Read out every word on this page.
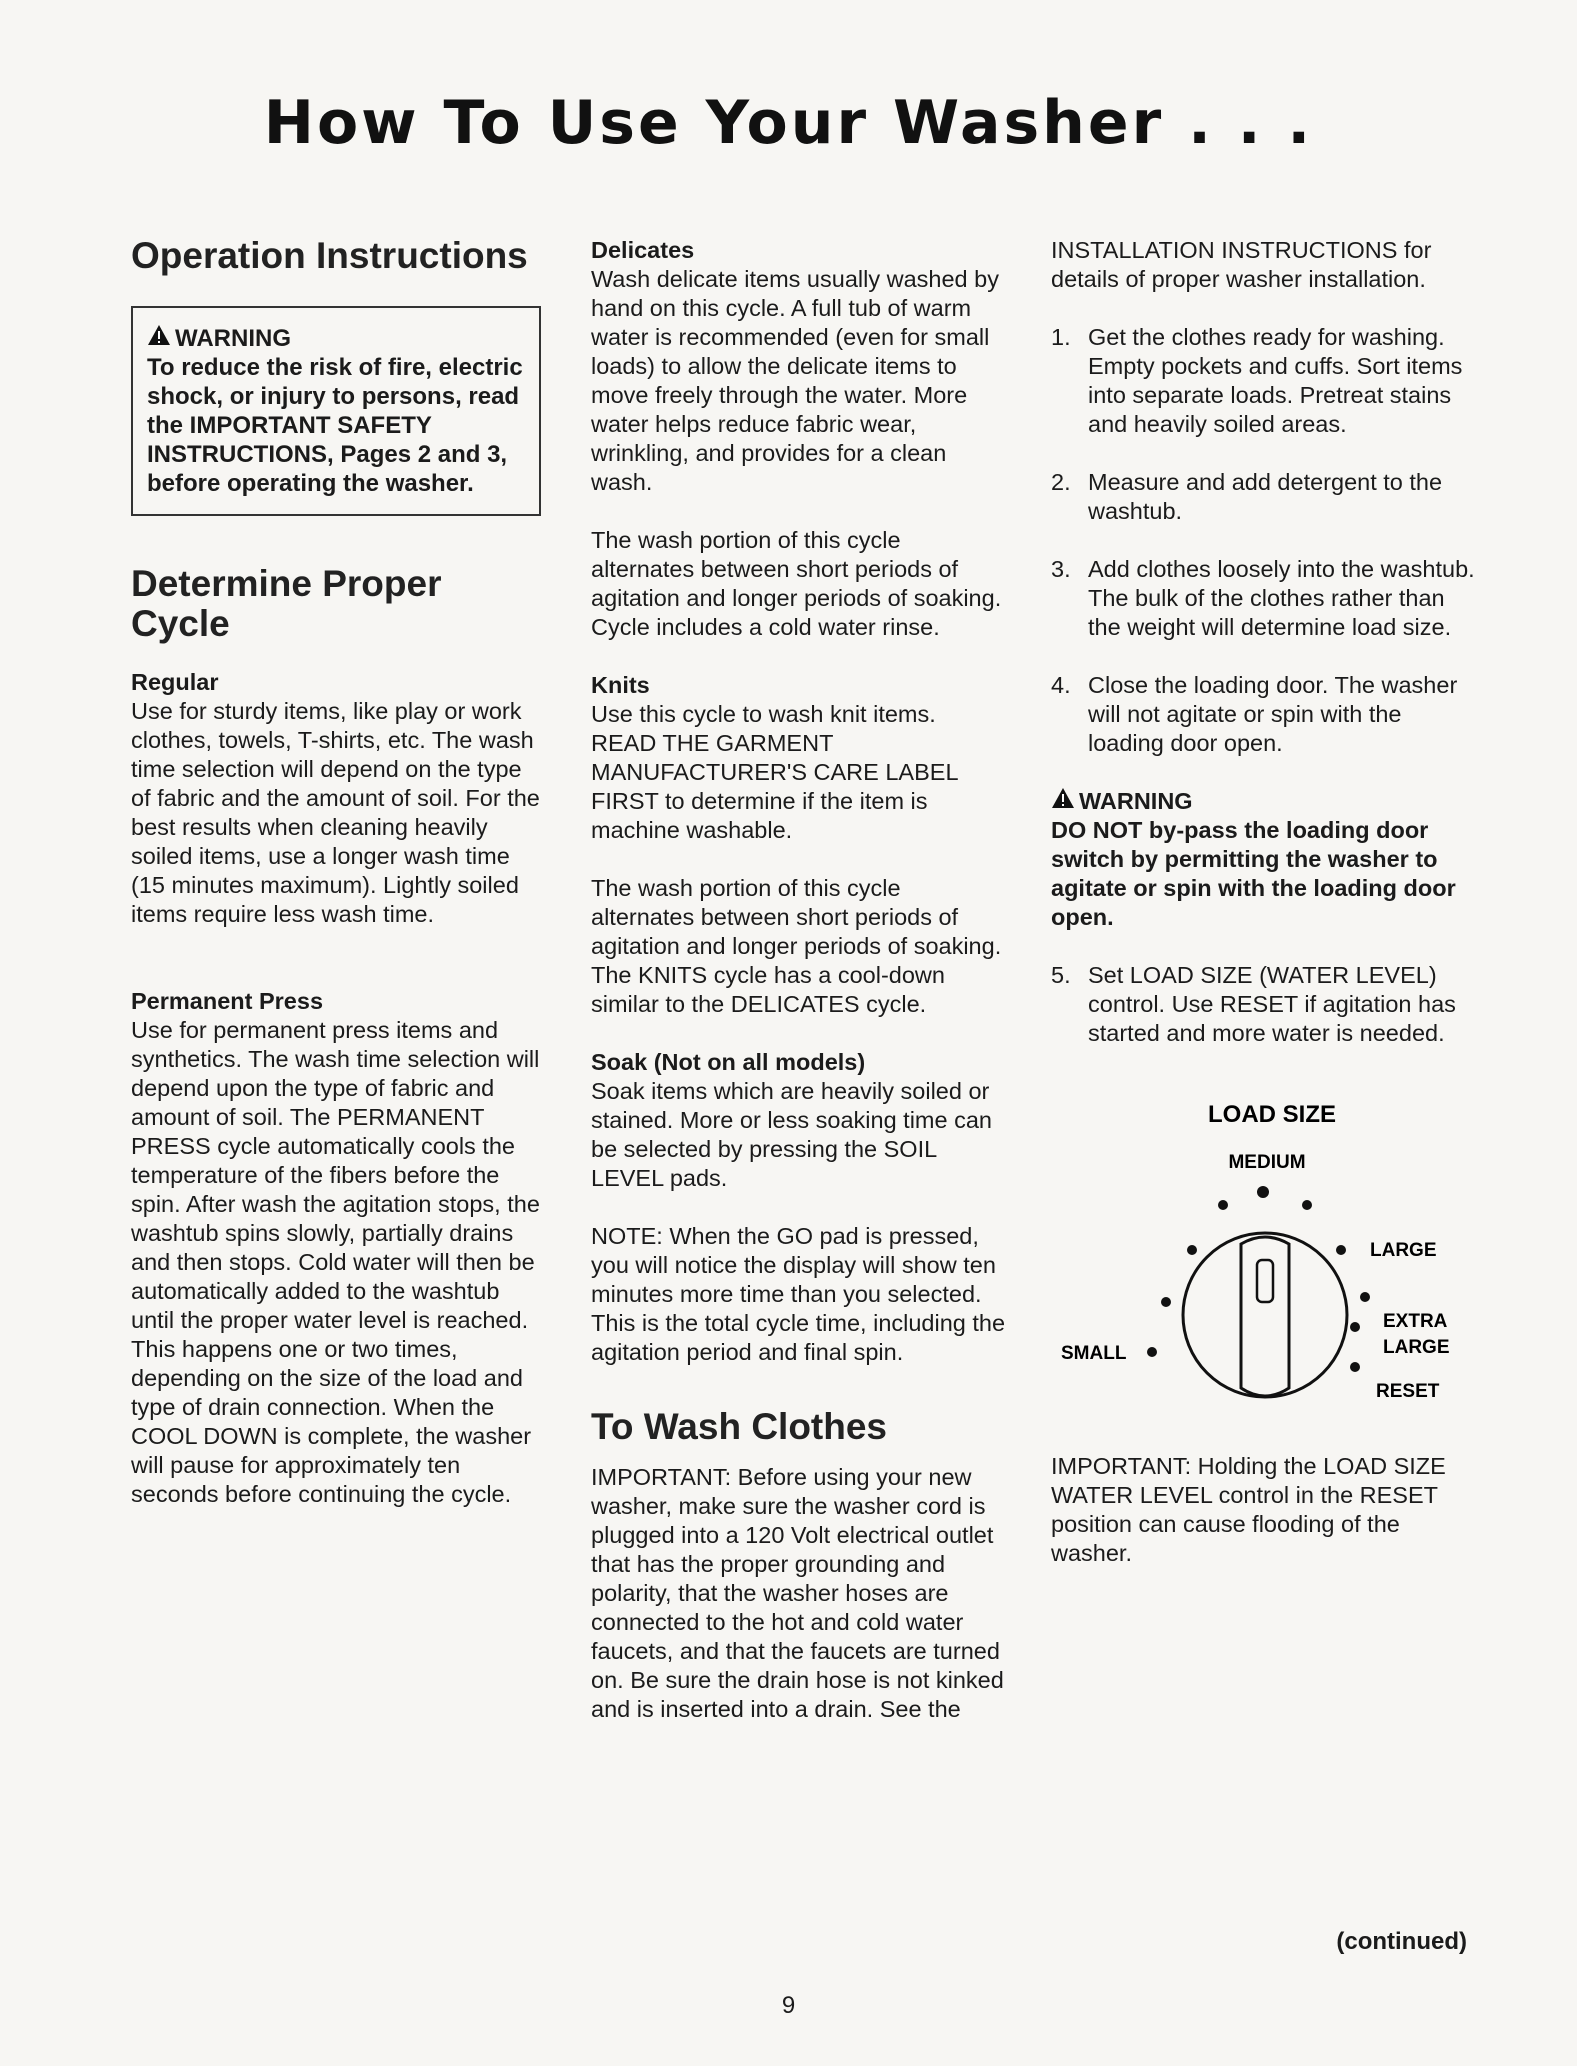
How To Use Your Washer . . .
Operation Instructions
WARNING

To reduce the risk of fire, electric shock, or injury to persons, read the IMPORTANT SAFETY INSTRUCTIONS, Pages 2 and 3, before operating the washer.

Determine Proper Cycle

Regular

Use for sturdy items, like play or work clothes, towels, T-shirts, etc. The wash time selection will depend on the type of fabric and the amount of soil. For the best results when cleaning heavily soiled items, use a longer wash time (15 minutes maximum). Lightly soiled items require less wash time.

Permanent Press

Use for permanent press items and synthetics. The wash time selection will depend upon the type of fabric and amount of soil. The PERMANENT PRESS cycle automatically cools the temperature of the fibers before the spin. After wash the agitation stops, the washtub spins slowly, partially drains and then stops. Cold water will then be automatically added to the washtub until the proper water level is reached. This happens one or two times, depending on the size of the load and type of drain connection. When the COOL DOWN is complete, the washer will pause for approximately ten seconds before continuing the cycle.

Delicates

Wash delicate items usually washed by hand on this cycle. A full tub of warm water is recommended (even for small loads) to allow the delicate items to move freely through the water. More water helps reduce fabric wear, wrinkling, and provides for a clean wash.

The wash portion of this cycle alternates between short periods of agitation and longer periods of soaking. Cycle includes a cold water rinse.

Knits

Use this cycle to wash knit items. READ THE GARMENT MANUFACTURER'S CARE LABEL FIRST to determine if the item is machine washable.

The wash portion of this cycle alternates between short periods of agitation and longer periods of soaking. The KNITS cycle has a cool-down similar to the DELICATES cycle.

Soak (Not on all models)

Soak items which are heavily soiled or stained. More or less soaking time can be selected by pressing the SOIL LEVEL pads.

NOTE: When the GO pad is pressed, you will notice the display will show ten minutes more time than you selected. This is the total cycle time, including the agitation period and final spin.

To Wash Clothes

IMPORTANT: Before using your new washer, make sure the washer cord is plugged into a 120 Volt electrical outlet that has the proper grounding and polarity, that the washer hoses are connected to the hot and cold water faucets, and that the faucets are turned on. Be sure the drain hose is not kinked and is inserted into a drain. See the

INSTALLATION INSTRUCTIONS for details of proper washer installation.

1. Get the clothes ready for washing. Empty pockets and cuffs. Sort items into separate loads. Pretreat stains and heavily soiled areas.
2. Measure and add detergent to the washtub.
3. Add clothes loosely into the washtub. The bulk of the clothes rather than the weight will determine load size.
4. Close the loading door. The washer will not agitate or spin with the loading door open.
WARNING

DO NOT by-pass the loading door switch by permitting the washer to agitate or spin with the loading door open.

5. Set LOAD SIZE (WATER LEVEL) control. Use RESET if agitation has started and more water is needed.
LOAD SIZE
MEDIUM
LARGE
EXTRA
LARGE
SMALL
RESET

IMPORTANT: Holding the LOAD SIZE WATER LEVEL control in the RESET position can cause flooding of the washer.

(continued)
9
